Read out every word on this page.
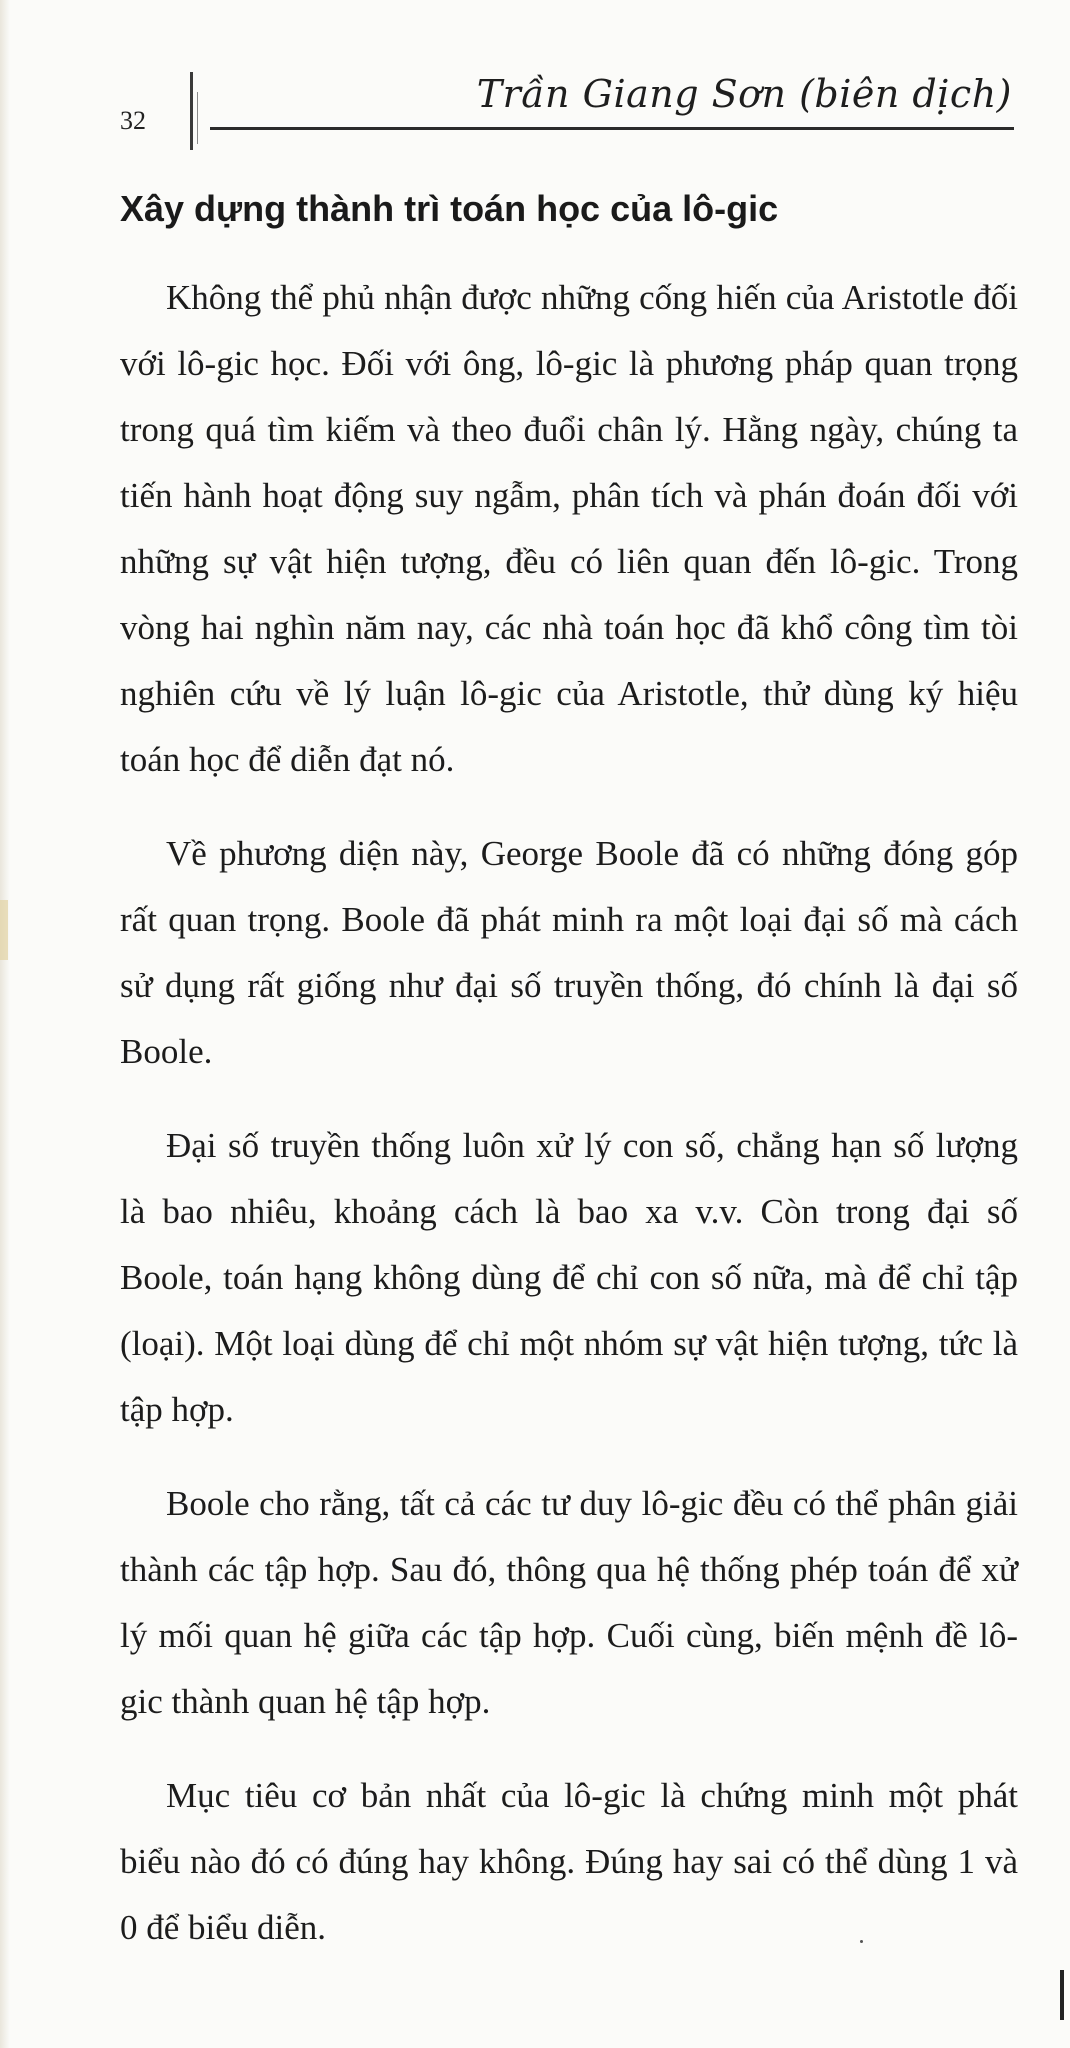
32
Trần Giang Sơn (biên dịch)
Xây dựng thành trì toán học của lô-gic

Không thể phủ nhận được những cống hiến của Aristotle đối với lô-gic học. Đối với ông, lô-gic là phương pháp quan trọng trong quá tìm kiếm và theo đuổi chân lý. Hằng ngày, chúng ta tiến hành hoạt động suy ngẫm, phân tích và phán đoán đối với những sự vật hiện tượng, đều có liên quan đến lô-gic. Trong vòng hai nghìn năm nay, các nhà toán học đã khổ công tìm tòi nghiên cứu về lý luận lô-gic của Aristotle, thử dùng ký hiệu toán học để diễn đạt nó.

Về phương diện này, George Boole đã có những đóng góp rất quan trọng. Boole đã phát minh ra một loại đại số mà cách sử dụng rất giống như đại số truyền thống, đó chính là đại số Boole.

Đại số truyền thống luôn xử lý con số, chẳng hạn số lượng là bao nhiêu, khoảng cách là bao xa v.v. Còn trong đại số Boole, toán hạng không dùng để chỉ con số nữa, mà để chỉ tập (loại). Một loại dùng để chỉ một nhóm sự vật hiện tượng, tức là tập hợp.

Boole cho rằng, tất cả các tư duy lô-gic đều có thể phân giải thành các tập hợp. Sau đó, thông qua hệ thống phép toán để xử lý mối quan hệ giữa các tập hợp. Cuối cùng, biến mệnh đề lô-gic thành quan hệ tập hợp.

Mục tiêu cơ bản nhất của lô-gic là chứng minh một phát biểu nào đó có đúng hay không. Đúng hay sai có thể dùng 1 và 0 để biểu diễn.
